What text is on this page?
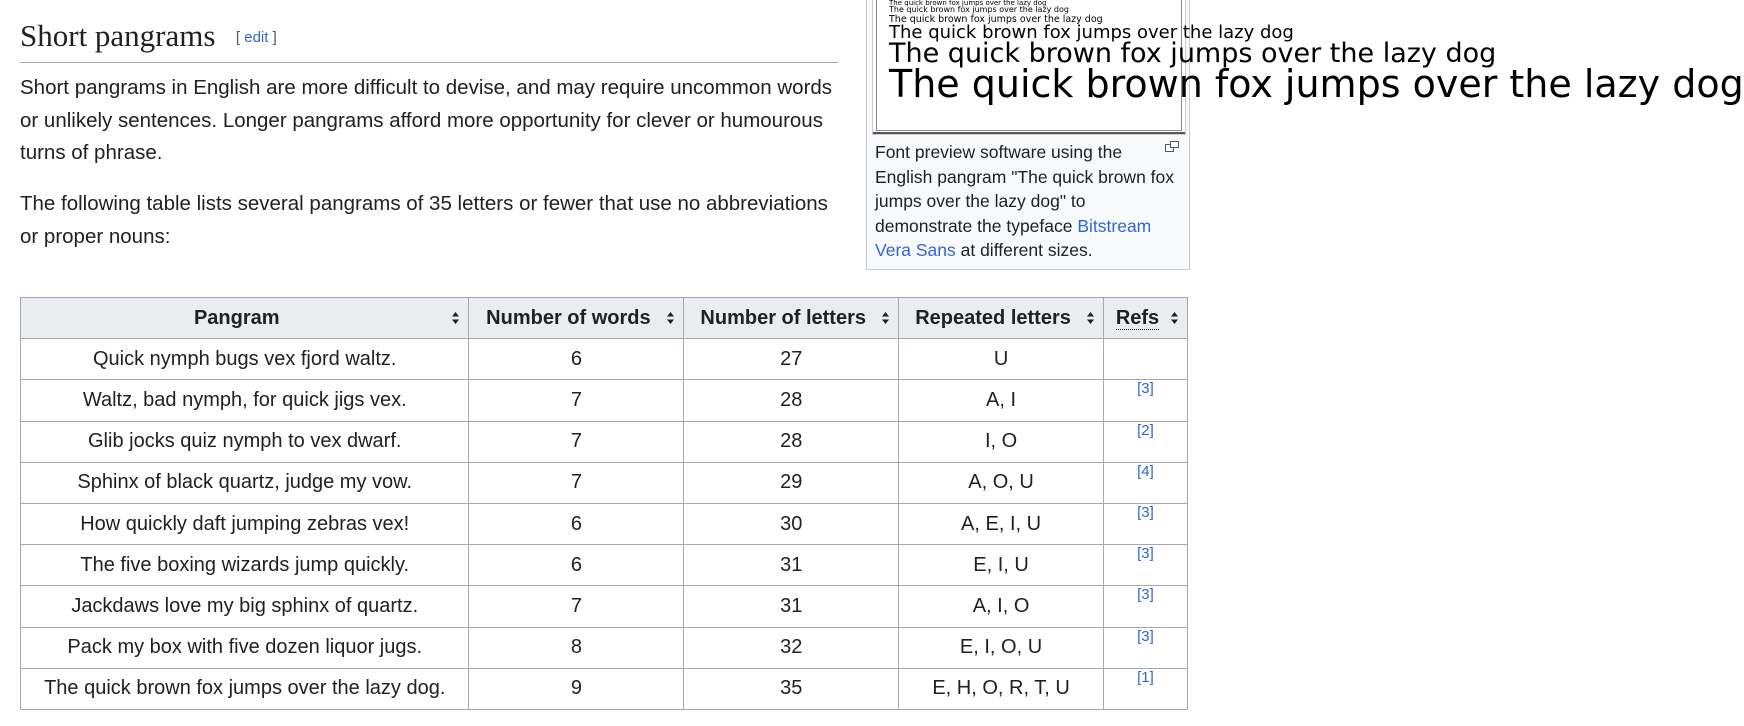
Short pangrams [ edit ]

Short pangrams in English are more difficult to devise, and may require uncommon words or unlikely sentences. Longer pangrams afford more opportunity for clever or humourous turns of phrase.

The following table lists several pangrams of 35 letters or fewer that use no abbreviations or proper nouns:

The quick brown fox jumps over the lazy dog
The quick brown fox jumps over the lazy dog
The quick brown fox jumps over the lazy dog
The quick brown fox jumps over the lazy dog
The quick brown fox jumps over the lazy dog
The quick brown fox jumps over the lazy dog
Font preview software using the English pangram "The quick brown fox jumps over the lazy dog" to demonstrate the typeface Bitstream Vera Sans at different sizes.
Pangram	Number of words	Number of letters	Repeated letters	Refs

Quick nymph bugs vex fjord waltz.	6	27	U	
Waltz, bad nymph, for quick jigs vex.	7	28	A, I	[3]
Glib jocks quiz nymph to vex dwarf.	7	28	I, O	[2]
Sphinx of black quartz, judge my vow.	7	29	A, O, U	[4]
How quickly daft jumping zebras vex!	6	30	A, E, I, U	[3]
The five boxing wizards jump quickly.	6	31	E, I, U	[3]
Jackdaws love my big sphinx of quartz.	7	31	A, I, O	[3]
Pack my box with five dozen liquor jugs.	8	32	E, I, O, U	[3]
The quick brown fox jumps over the lazy dog.	9	35	E, H, O, R, T, U	[1]
